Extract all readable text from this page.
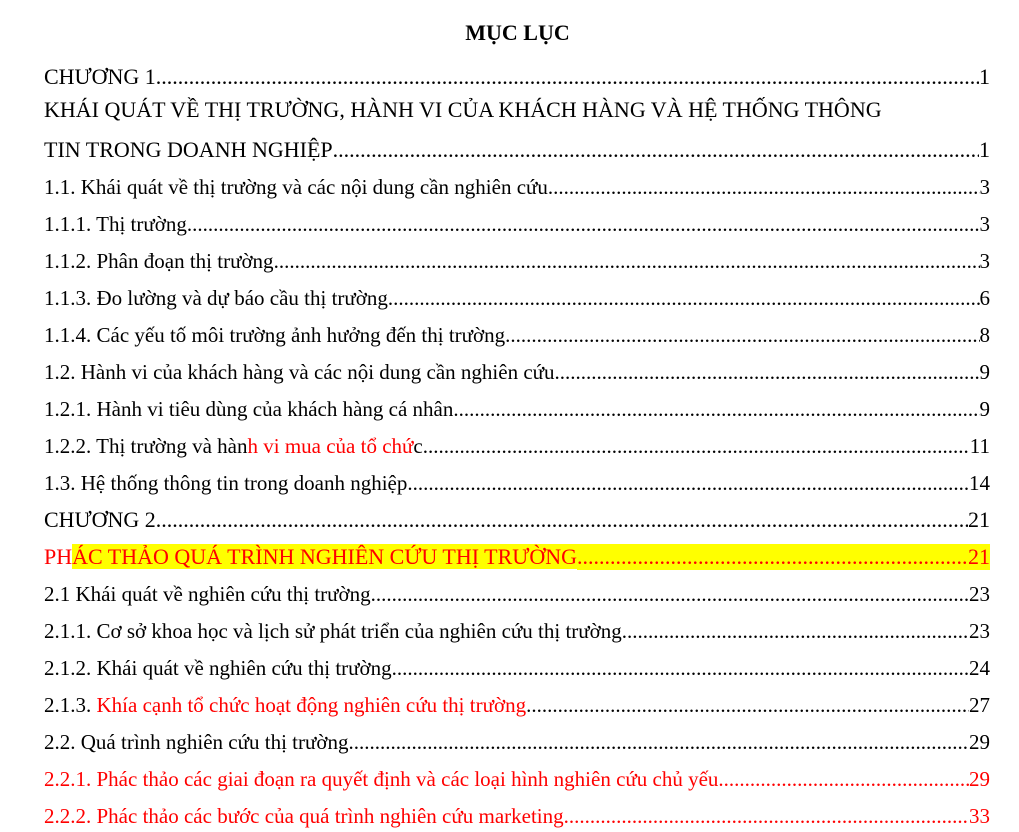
MỤC LỤC
CHƯƠNG 1 .....	1
KHÁI QUÁT VỀ THỊ TRƯỜNG, HÀNH VI CỦA KHÁCH HÀNG VÀ HỆ THỐNG THÔNG
TIN TRONG DOANH NGHIỆP .....	1
1.1. Khái quát về thị trường và các nội dung cần nghiên cứu .....	3
1.1.1. Thị trường .....	3
1.1.2. Phân đoạn thị trường .....	3
1.1.3. Đo lường và dự báo cầu thị trường .....	6
1.1.4. Các yếu tố môi trường ảnh hưởng đến thị trường .....	8
1.2. Hành vi của khách hàng và các nội dung cần nghiên cứu .....	9
1.2.1. Hành vi tiêu dùng của khách hàng cá nhân .....	9
1.2.2. Thị trường và hành vi mua của tổ chức .....	11
1.3. Hệ thống thông tin trong doanh nghiệp .....	14
CHƯƠNG 2 .....	21
PHÁC THẢO QUÁ TRÌNH NGHIÊN CỨU THỊ TRƯỜNG .....	21
2.1 Khái quát về nghiên cứu thị trường .....	23
2.1.1. Cơ sở khoa học và lịch sử phát triển của nghiên cứu thị trường .....	23
2.1.2. Khái quát về nghiên cứu thị trường .....	24
2.1.3. Khía cạnh tổ chức hoạt động nghiên cứu thị trường .....	27
2.2. Quá trình nghiên cứu thị trường .....	29
2.2.1. Phác thảo các giai đoạn ra quyết định và các loại hình nghiên cứu chủ yếu .....	29
2.2.2. Phác thảo các bước của quá trình nghiên cứu marketing .....	33
